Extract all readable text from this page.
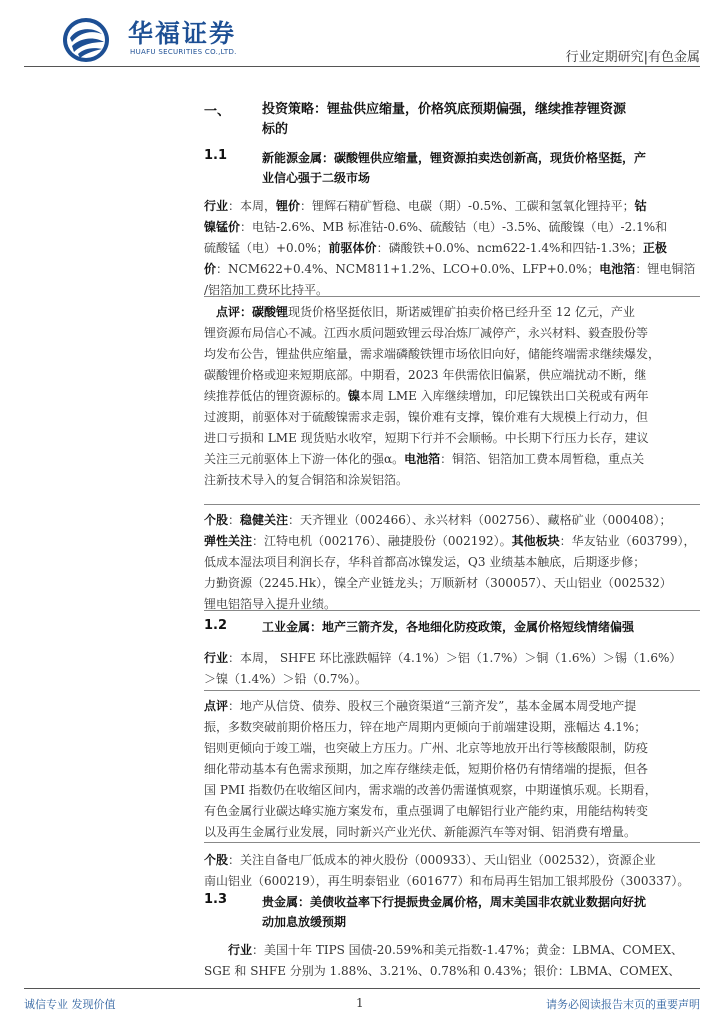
华福证券
HUAFU SECURITIES CO.,LTD.	行业定期研究|有色金属
一、 投资策略：锂盐供应缩量，价格筑底预期偏强，继续推荐锂资源
标的
1.1	新能源金属：碳酸锂供应缩量，锂资源拍卖迭创新高，现货价格坚挺，产
业信心强于二级市场
行业：本周，锂价：锂辉石精矿暂稳、电碳（期）-0.5%、工碳和氢氧化锂持平；钴
镍锰价：电钴-2.6%、MB 标准钴-0.6%、硫酸钴（电）-3.5%、硫酸镍（电）-2.1%和
硫酸锰（电）+0.0%；前驱体价：磷酸铁+0.0%、ncm622-1.4%和四钴-1.3%；正极
价：NCM622+0.4%、NCM811+1.2%、LCO+0.0%、LFP+0.0%；电池箔：锂电铜箔
/铝箔加工费环比持平。
点评：碳酸锂现货价格坚挺依旧，斯诺威锂矿拍卖价格已经升至 12 亿元，产业
锂资源布局信心不减。江西水质问题致锂云母冶炼厂减停产，永兴材料、毅查股份等
均发布公告，锂盐供应缩量，需求端磷酸铁锂市场依旧向好，储能终端需求继续爆发，
碳酸锂价格或迎来短期底部。中期看，2023 年供需依旧偏紧，供应端扰动不断，继
续推荐低估的锂资源标的。镍本周 LME 入库继续增加，印尼镍铁出口关税或有两年
过渡期，前驱体对于硫酸镍需求走弱，镍价难有支撑，镍价难有大规模上行动力，但
进口亏损和 LME 现货贴水收窄，短期下行并不会顺畅。中长期下行压力长存，建议
关注三元前驱体上下游一体化的强α。电池箔：铜箔、铝箔加工费本周暂稳，重点关
注新技术导入的复合铜箔和涂炭铝箔。
个股：稳健关注：天齐锂业（002466）、永兴材料（002756）、藏格矿业（000408）；
弹性关注：江特电机（002176）、融捷股份（002192）。其他板块：华友钴业（603799），
低成本湿法项目利润长存，华科首都高冰镍发运，Q3 业绩基本触底，后期逐步修；
力勤资源（2245.Hk），镍全产业链龙头；万顺新材（300057）、天山铝业（002532）
锂电铝箔导入提升业绩。
1.2	工业金属：地产三箭齐发，各地细化防疫政策，金属价格短线情绪偏强
行业：本周， SHFE 环比涨跌幅锌（4.1%）＞铝（1.7%）＞铜（1.6%）＞锡（1.6%）
＞镍（1.4%）＞铅（0.7%）。
点评：地产从信贷、债券、股权三个融资渠道“三箭齐发”，基本金属本周受地产提
振，多数突破前期价格压力，锌在地产周期内更倾向于前端建设期，涨幅达 4.1%；
铝则更倾向于竣工端，也突破上方压力。广州、北京等地放开出行等核酸限制，防疫
细化带动基本有色需求预期，加之库存继续走低，短期价格仍有情绪端的提振，但各
国 PMI 指数仍在收缩区间内，需求端的改善仍需谨慎观察，中期谨慎乐观。长期看，
有色金属行业碳达峰实施方案发布，重点强调了电解铝行业产能约束，用能结构转变
以及再生金属行业发展，同时新兴产业光伏、新能源汽车等对铜、铝消费有增量。
个股：关注自备电厂低成本的神火股份（000933）、天山铝业（002532），资源企业
南山铝业（600219），再生明泰铝业（601677）和布局再生铝加工银邦股份（300337）。
1.3	贵金属：美债收益率下行提振贵金属价格，周末美国非农就业数据向好扰
动加息放缓预期
行业：美国十年 TIPS 国债-20.59%和美元指数-1.47%；黄金：LBMA、COMEX、
SGE 和 SHFE 分别为 1.88%、3.21%、0.78%和 0.43%；银价：LBMA、COMEX、
诚信专业 发现价值	1	请务必阅读报告末页的重要声明
